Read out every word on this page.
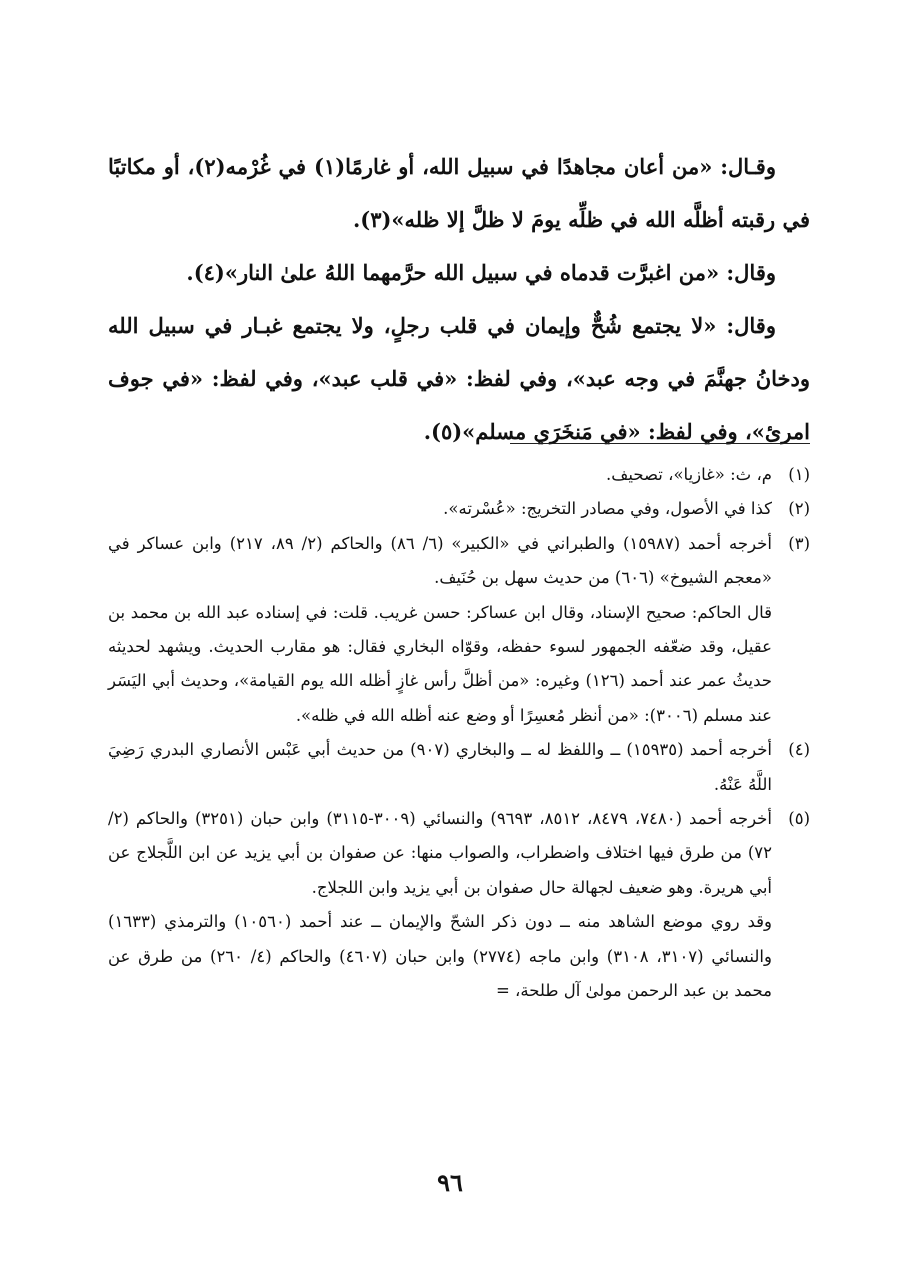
وقـال: «من أعان مجاهدًا في سبيل الله، أو غارمًا(١) في غُرْمه(٢)، أو مكاتبًا في رقبته أظلَّه الله في ظلِّه يومَ لا ظلَّ إلا ظله»(٣).

وقال: «من اغبرَّت قدماه في سبيل الله حرَّمهما اللهُ علىٰ النار»(٤).

وقال: «لا يجتمع شُحٌّ وإيمان في قلب رجلٍ، ولا يجتمع غبـار في سبيل الله ودخانُ جهنَّمَ في وجه عبد»، وفي لفظ: «في قلب عبد»، وفي لفظ: «في جوف امرئ»، وفي لفظ: «في مَنخَرَي مسلم»(٥).

(١)
م، ث: «غازيا»، تصحيف.
(٢)
كذا في الأصول، وفي مصادر التخريج: «عُسْرته».
(٣)
أخرجه أحمد (١٥٩٨٧) والطبراني في «الكبير» (٦/ ٨٦) والحاكم (٢/ ٨٩، ٢١٧) وابن عساكر في «معجم الشيوخ» (٦٠٦) من حديث سهل بن حُنَيف.
قال الحاكم: صحيح الإسناد، وقال ابن عساكر: حسن غريب. قلت: في إسناده عبد الله بن محمد بن عقيل، وقد ضعّفه الجمهور لسوء حفظه، وقوّاه البخاري فقال: هو مقارب الحديث. ويشهد لحديثه حديثُ عمر عند أحمد (١٢٦) وغيره: «من أظلَّ رأس غازٍ أظله الله يوم القيامة»، وحديث أبي اليَسَر عند مسلم (٣٠٠٦): «من أنظر مُعسِرًا أو وضع عنه أظله الله في ظله».
(٤)
أخرجه أحمد (١٥٩٣٥) ــ واللفظ له ــ والبخاري (٩٠٧) من حديث أبي عَبْس الأنصاري البدري رَضِيَ اللَّهُ عَنْهُ.
(٥)
أخرجه أحمد (٧٤٨٠، ٨٤٧٩، ٨٥١٢، ٩٦٩٣) والنسائي (٣٠٠٩-٣١١٥) وابن حبان (٣٢٥١) والحاكم (٢/ ٧٢) من طرق فيها اختلاف واضطراب، والصواب منها: عن صفوان بن أبي يزيد عن ابن اللَّجلاج عن أبي هريرة. وهو ضعيف لجهالة حال صفوان بن أبي يزيد وابن اللجلاج.
وقد روي موضع الشاهد منه ــ دون ذكر الشحّ والإيمان ــ عند أحمد (١٠٥٦٠) والترمذي (١٦٣٣) والنسائي (٣١٠٧، ٣١٠٨) وابن ماجه (٢٧٧٤) وابن حبان (٤٦٠٧) والحاكم (٤/ ٢٦٠) من طرق عن محمد بن عبد الرحمن مولىٰ آل طلحة، =
٩٦
